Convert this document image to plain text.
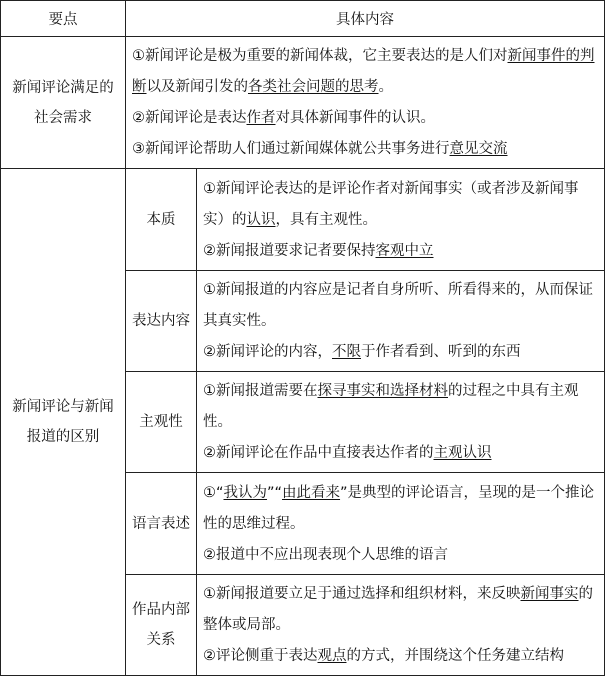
要点	具体内容	
新闻评论满足的社会需求	①新闻评论是极为重要的新闻体裁，它主要表达的是人们对新闻事件的判断以及新闻引发的各类社会问题的思考。
②新闻评论是表达作者对具体新闻事件的认识。
③新闻评论帮助人们通过新闻媒体就公共事务进行意见交流	

新闻评论与新闻报道的区别	本质	①新闻评论表达的是评论作者对新闻事实（或者涉及新闻事实）的认识，具有主观性。
②新闻报道要求记者要保持客观中立

	表达内容	①新闻报道的内容应是记者自身所听、所看得来的，从而保证其真实性。
②新闻评论的内容，不限于作者看到、听到的东西

	主观性	①新闻报道需要在探寻事实和选择材料的过程之中具有主观性。
②新闻评论在作品中直接表达作者的主观认识

	语言表述	①“我认为”“由此看来”是典型的评论语言，呈现的是一个推论性的思维过程。
②报道中不应出现表现个人思维的语言

	作品内部关系	①新闻报道要立足于通过选择和组织材料，来反映新闻事实的整体或局部。
②评论侧重于表达观点的方式，并围绕这个任务建立结构
